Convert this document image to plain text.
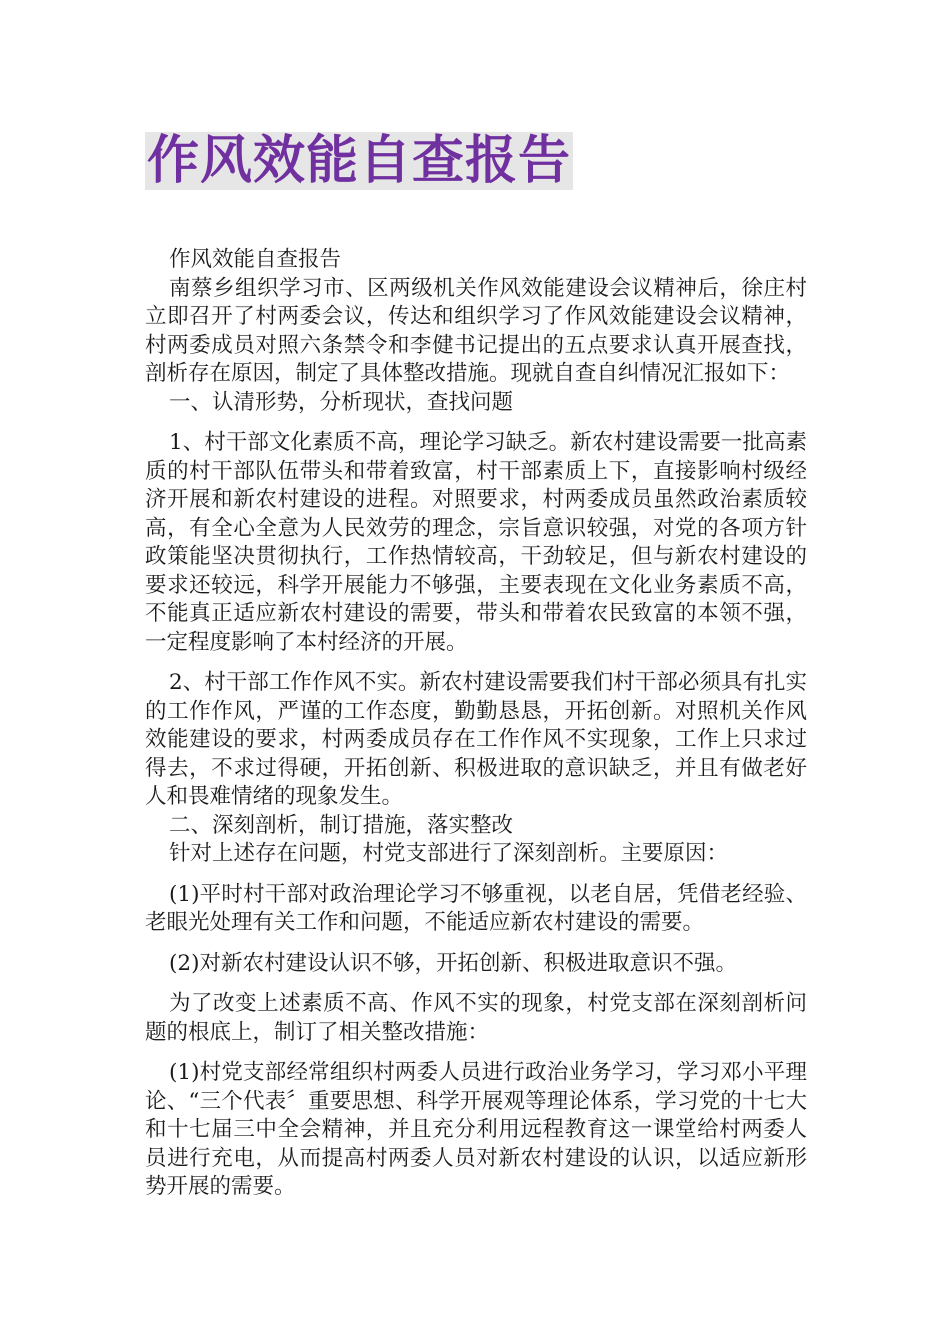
作风效能自查报告

作风效能自查报告

南蔡乡组织学习市、区两级机关作风效能建设会议精神后，徐庄村立即召开了村两委会议，传达和组织学习了作风效能建设会议精神，村两委成员对照六条禁令和李健书记提出的五点要求认真开展查找，剖析存在原因，制定了具体整改措施。现就自查自纠情况汇报如下：

一、认清形势，分析现状，查找问题

1、村干部文化素质不高，理论学习缺乏。新农村建设需要一批高素质的村干部队伍带头和带着致富，村干部素质上下，直接影响村级经济开展和新农村建设的进程。对照要求，村两委成员虽然政治素质较高，有全心全意为人民效劳的理念，宗旨意识较强，对党的各项方针政策能坚决贯彻执行，工作热情较高，干劲较足，但与新农村建设的要求还较远，科学开展能力不够强，主要表现在文化业务素质不高，不能真正适应新农村建设的需要，带头和带着农民致富的本领不强，一定程度影响了本村经济的开展。

2、村干部工作作风不实。新农村建设需要我们村干部必须具有扎实的工作作风，严谨的工作态度，勤勤恳恳，开拓创新。对照机关作风效能建设的要求，村两委成员存在工作作风不实现象，工作上只求过得去，不求过得硬，开拓创新、积极进取的意识缺乏，并且有做老好人和畏难情绪的现象发生。

二、深刻剖析，制订措施，落实整改

针对上述存在问题，村党支部进行了深刻剖析。主要原因：

(1)平时村干部对政治理论学习不够重视，以老自居，凭借老经验、老眼光处理有关工作和问题，不能适应新农村建设的需要。

(2)对新农村建设认识不够，开拓创新、积极进取意识不强。

为了改变上述素质不高、作风不实的现象，村党支部在深刻剖析问题的根底上，制订了相关整改措施：

(1)村党支部经常组织村两委人员进行政治业务学习，学习邓小平理论、“三个代表〞重要思想、科学开展观等理论体系，学习党的十七大和十七届三中全会精神，并且充分利用远程教育这一课堂给村两委人员进行充电，从而提高村两委人员对新农村建设的认识，以适应新形势开展的需要。
